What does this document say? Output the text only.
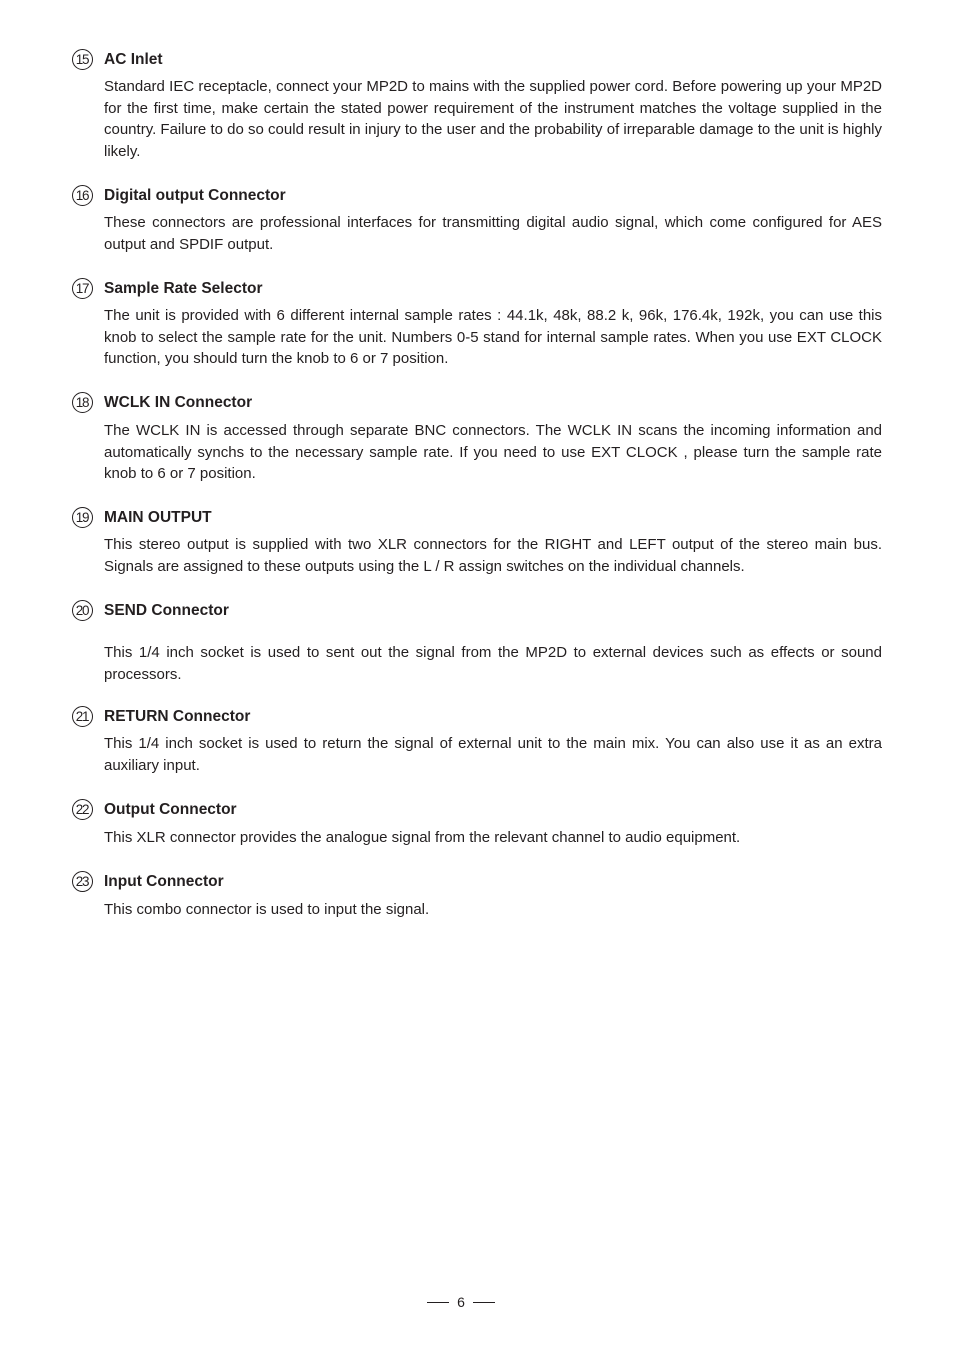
15	AC Inlet
Standard IEC receptacle, connect your MP2D to mains with the supplied power cord. Before powering up your MP2D for the first time, make certain the stated power requirement of the instrument matches the voltage supplied in the country. Failure to do so could result in injury to the user and the probability of irreparable damage to the unit is highly likely.
16	Digital output Connector
These connectors are professional interfaces for transmitting digital audio signal, which come configured for AES output and SPDIF output.
17	Sample Rate Selector
The unit is provided with 6 different internal sample rates : 44.1k, 48k, 88.2 k, 96k, 176.4k, 192k, you can use this knob to select the sample rate for the unit. Numbers 0-5 stand for internal sample rates. When you use EXT CLOCK function, you should turn the knob to 6 or 7 position.
18	WCLK IN Connector
The WCLK IN is accessed through separate BNC connectors. The WCLK IN scans the incoming information and automatically synchs to the necessary sample rate. If you need to use EXT CLOCK , please turn the sample rate knob to 6 or 7 position.
19	MAIN OUTPUT
This stereo output is supplied with two XLR connectors for the RIGHT and LEFT output of the stereo main bus. Signals are assigned to these outputs using the L / R assign switches on the individual channels.
20	SEND Connector
This 1/4 inch socket is used to sent out the signal from the MP2D to external devices such as effects or sound processors.
21	RETURN Connector
This 1/4 inch socket is used to return the signal of external unit to the main mix. You can also use it as an extra auxiliary input.
22	Output Connector
This XLR connector provides the analogue signal from the relevant channel to audio equipment.
23	Input Connector
This combo connector is used to input the signal.
6
